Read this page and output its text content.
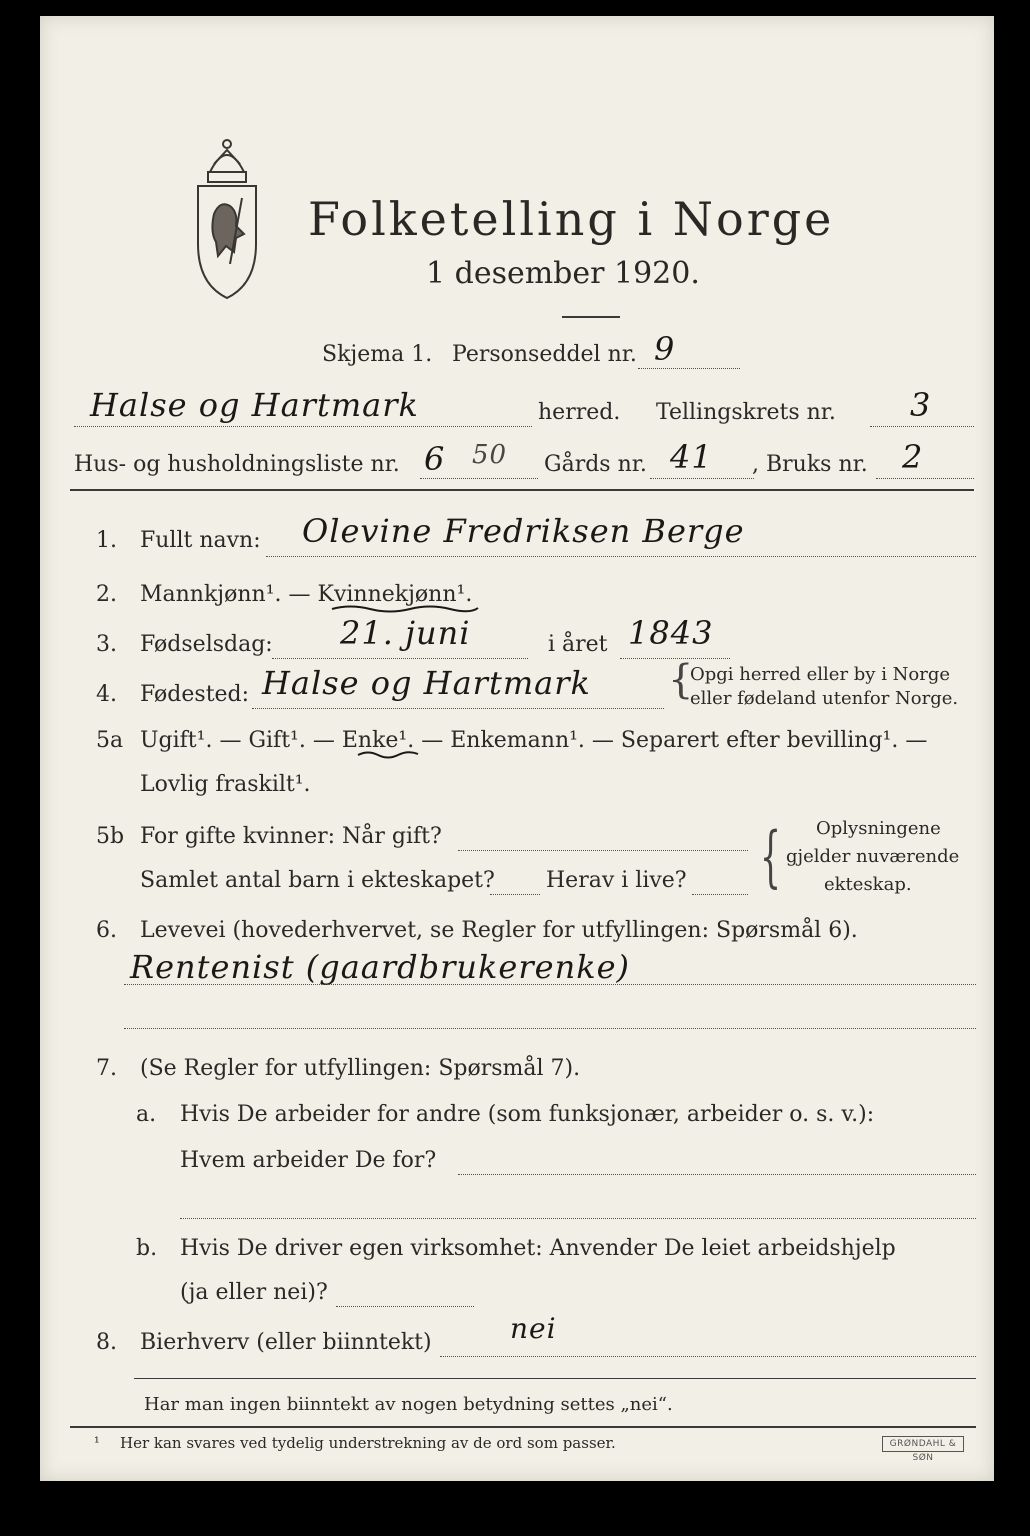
Folketelling i Norge
1 desember 1920.
Skjema 1. Personseddel nr. 9
Halse og Hartmark	herred. Tellingskrets nr. 3
Hus- og husholdningsliste nr. 6 50 Gårds nr. 41 , Bruks nr. 2
1. Fullt navn: Olevine Fredriksen Berge
2. Mannkjønn¹. — Kvinnekjønn¹.
3. Fødselsdag: 21. juni	i året 1843
4. Fødested: Halse og Hartmark {
Opgi herred eller by i Norge
eller fødeland utenfor Norge.
5a Ugift¹. — Gift¹. — Enke¹. — Enkemann¹. — Separert efter bevilling¹. —
Lovlig fraskilt¹.
5b For gifte kvinner: Når gift?
Samlet antal barn i ekteskapet? Herav i live? { Oplysningene
gjelder nuværende
ekteskap.
6. Levevei (hovederhvervet, se Regler for utfyllingen: Spørsmål 6).
Rentenist (gaardbrukerenke)
7. (Se Regler for utfyllingen: Spørsmål 7).
a. Hvis De arbeider for andre (som funksjonær, arbeider o. s. v.):
Hvem arbeider De for?
b. Hvis De driver egen virksomhet: Anvender De leiet arbeidshjelp
(ja eller nei)?
8. Bierhverv (eller biinntekt)	nei
Har man ingen biinntekt av nogen betydning settes „nei“.
¹ Her kan svares ved tydelig understrekning av de ord som passer.	GRØNDAHL & SØN
